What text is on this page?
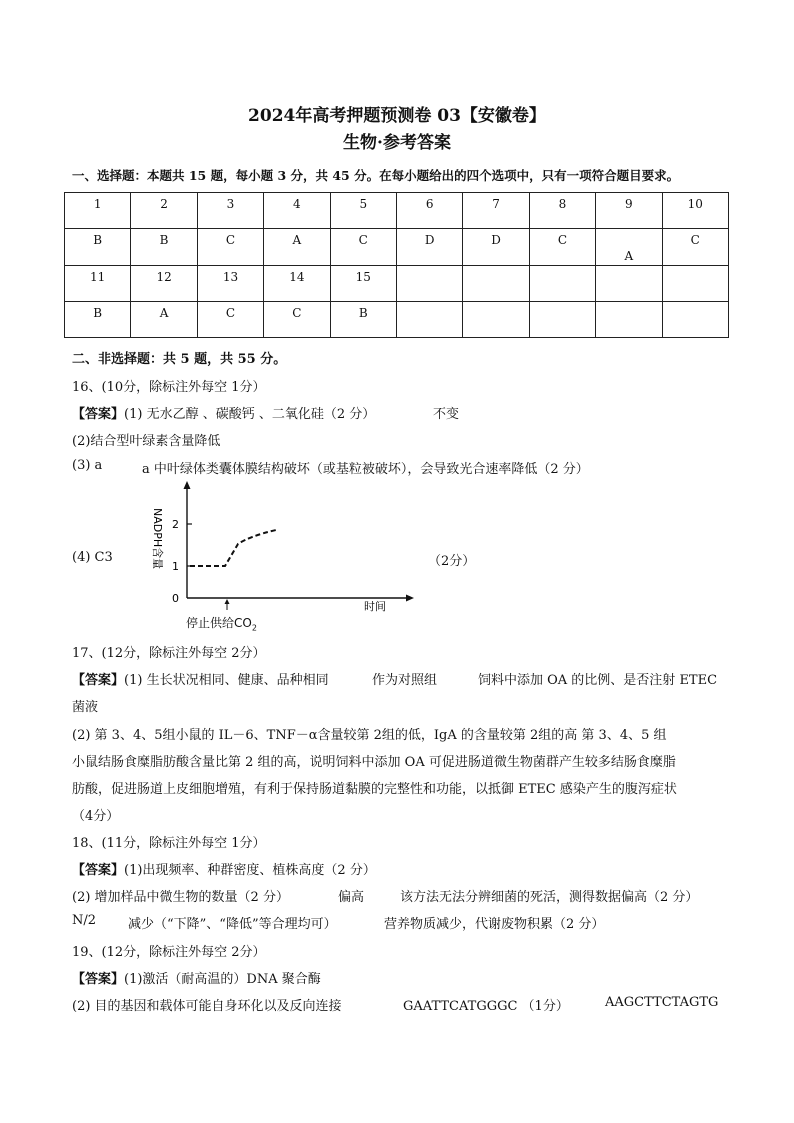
2024年高考押题预测卷 03【安徽卷】
生物·参考答案
一、选择题：本题共 15 题，每小题 3 分，共 45 分。在每小题给出的四个选项中，只有一项符合题目要求。
1	2	3	4	5	6	7	8	9	10
B	B	C	A	C	D	D	C	A	C
11	12	13	14	15					
B	A	C	C	B					
二、非选择题：共 5 题，共 55 分。
16、(10分，除标注外每空 1分）
【答案】(1) 无水乙醇 、碳酸钙 、二氧化硅（2 分）	不变
(2)结合型叶绿素含量降低
(3) a	a 中叶绿体类囊体膜结构破坏（或基粒被破坏），会导致光合速率降低（2 分）
(4) C3	（2分）
2
1
0
NADPH含量
时间
停止供给$CO_2$
17、(12分，除标注外每空 2分）
【答案】(1) 生长状况相同、健康、品种相同	作为对照组	饲料中添加 OA 的比例、是否注射 ETEC
菌液
(2) 第 3、4、5组小鼠的 IL－6、TNF－α含量较第 2组的低，IgA 的含量较第 2组的高 第 3、4、5 组
小鼠结肠食糜脂肪酸含量比第 2 组的高，说明饲料中添加 OA 可促进肠道微生物菌群产生较多结肠食糜脂
肪酸，促进肠道上皮细胞增殖，有利于保持肠道黏膜的完整性和功能，以抵御 ETEC 感染产生的腹泻症状
（4分）
18、(11分，除标注外每空 1分）
【答案】(1)出现频率、种群密度、植株高度（2 分）
(2) 增加样品中微生物的数量（2 分）	偏高	该方法无法分辨细菌的死活，测得数据偏高（2 分）
N/2 减少（“下降”、“降低”等合理均可）	营养物质减少，代谢废物积累（2 分）
19、(12分，除标注外每空 2分）
【答案】(1)激活（耐高温的）DNA 聚合酶
(2) 目的基因和载体可能自身环化以及反向连接	GAATTCATGGGC （1分）	AAGCTTCTAGTG
